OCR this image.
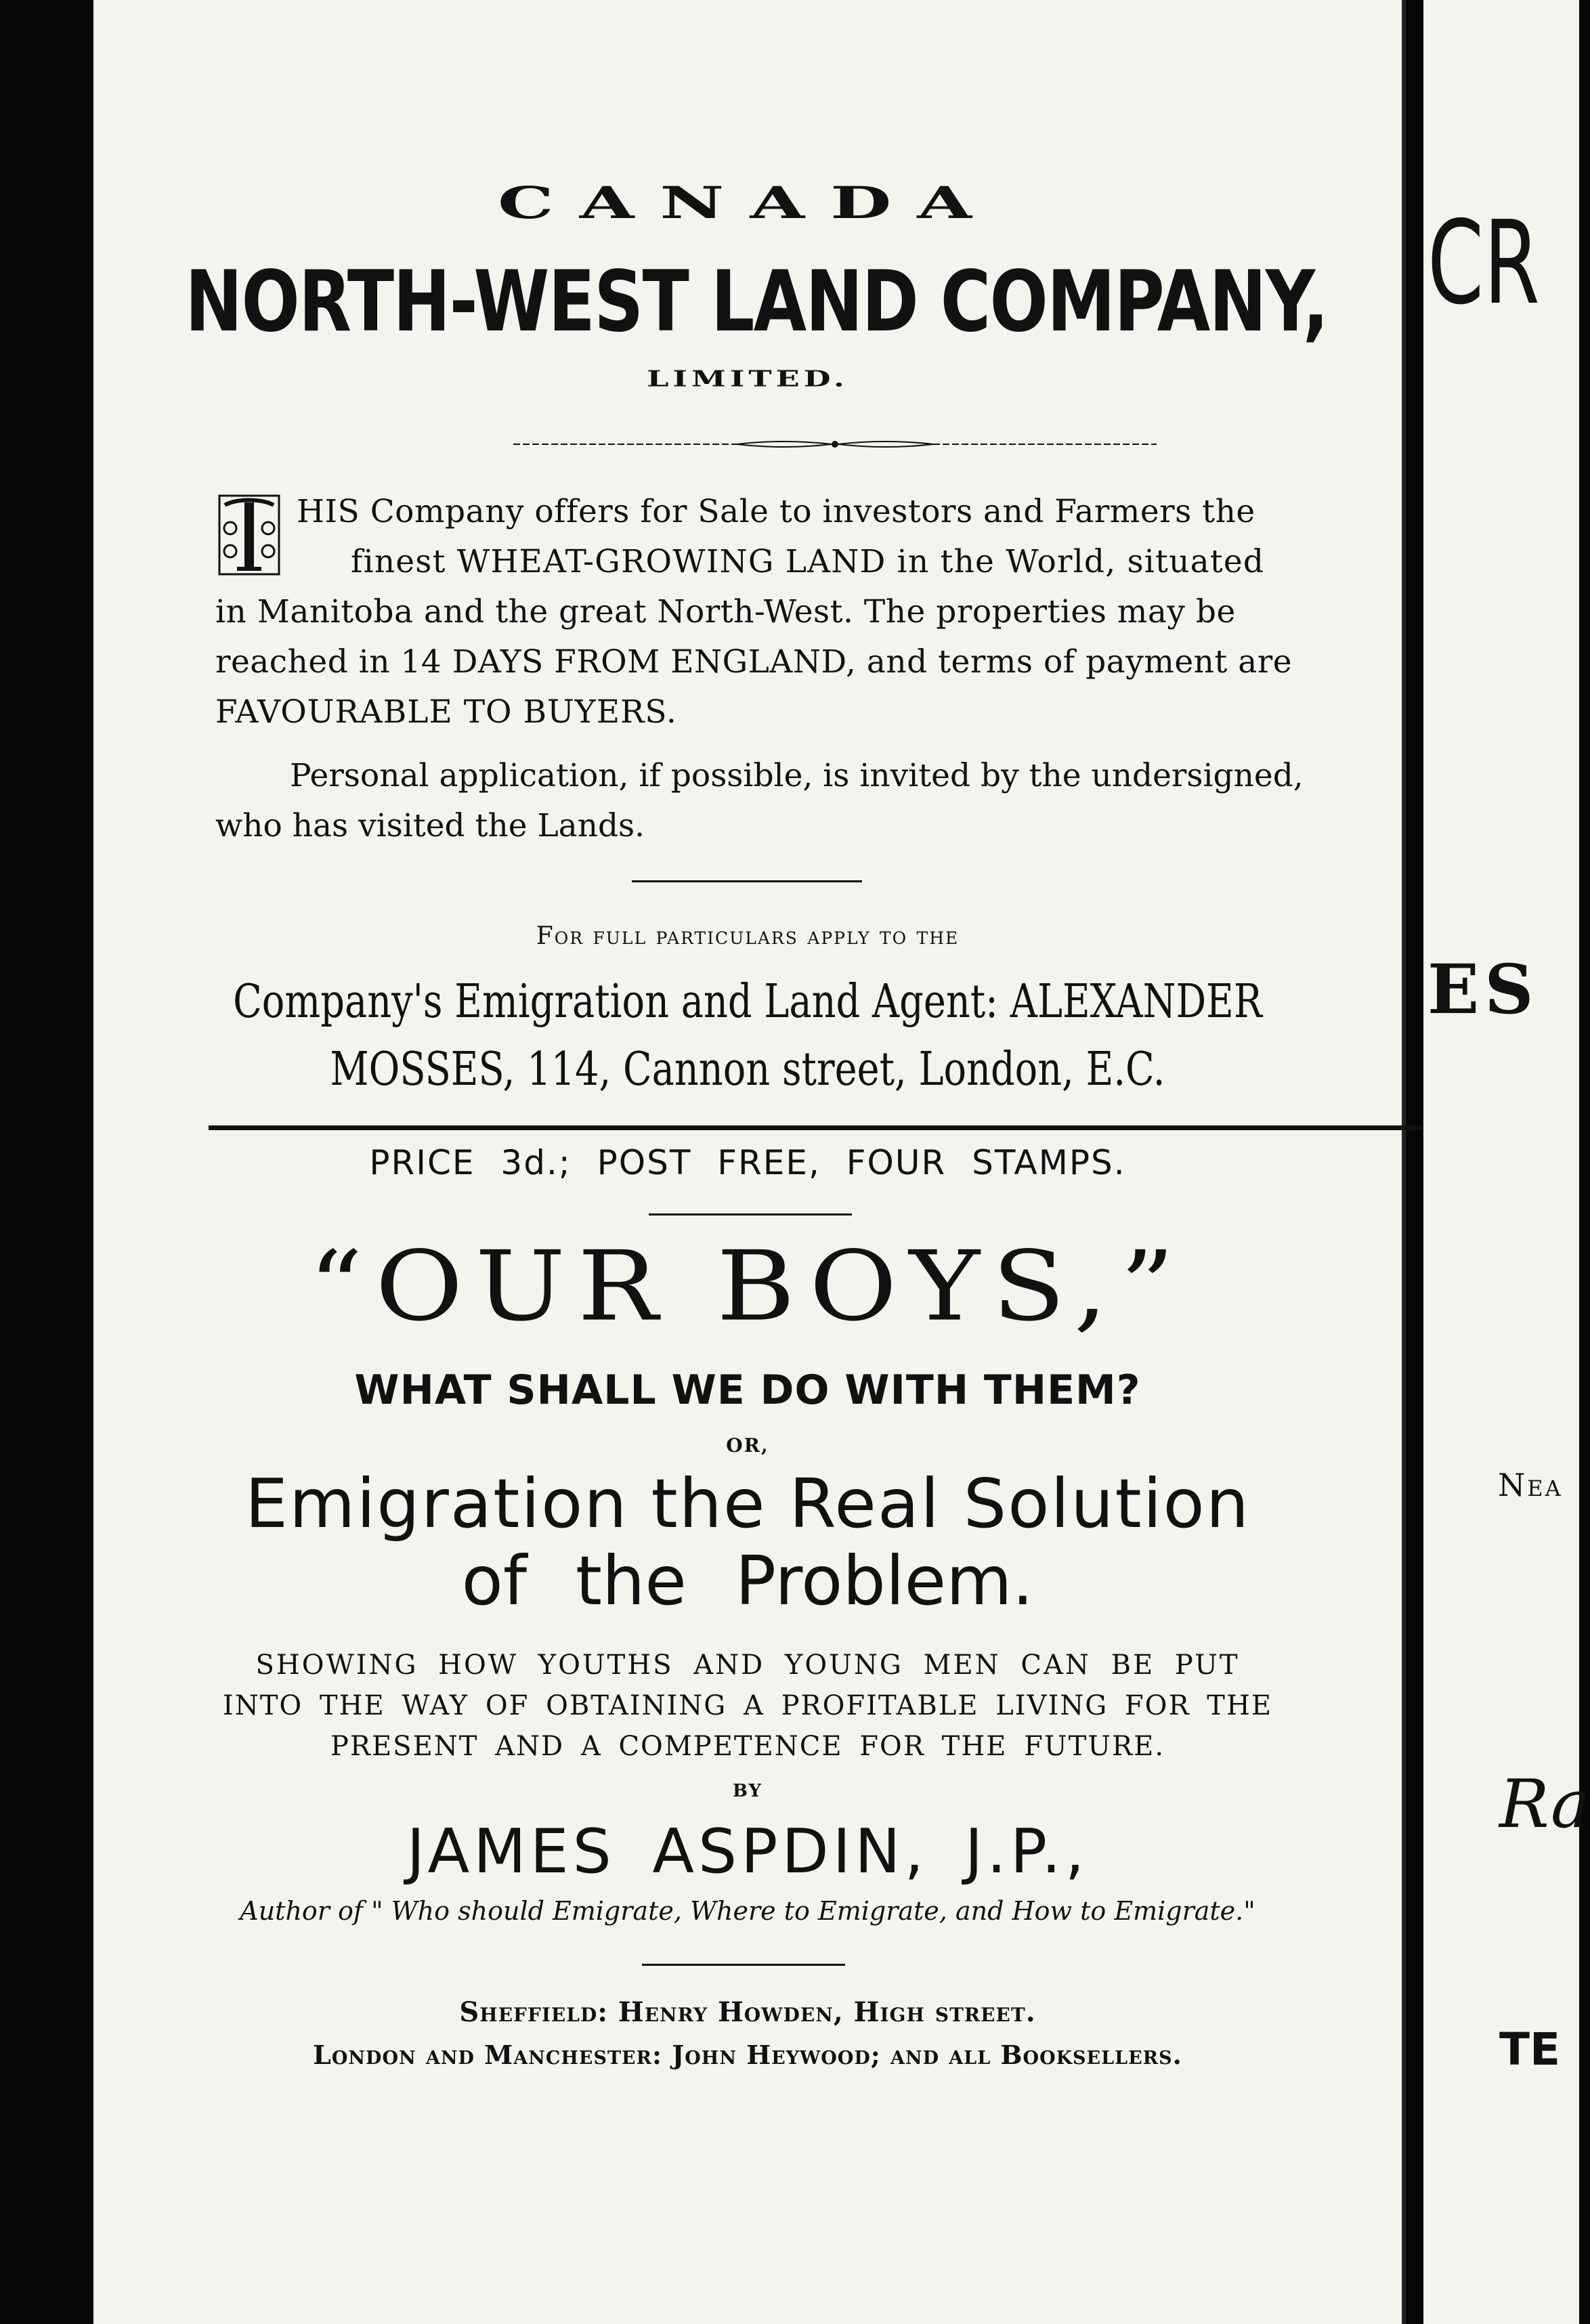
CANADA
NORTH-WEST LAND COMPANY,
LIMITED.
HIS Company offers for Sale to investors and Farmers the
finest WHEAT-GROWING LAND in the World, situated
in Manitoba and the great North-West. The properties may be
reached in 14 DAYS FROM ENGLAND, and terms of payment are
FAVOURABLE TO BUYERS.
Personal application, if possible, is invited by the undersigned,
who has visited the Lands.
For full particulars apply to the
Company's Emigration and Land Agent: ALEXANDER
MOSSES, 114, Cannon street, London, E.C.
PRICE 3d.; POST FREE, FOUR STAMPS.
“OUR BOYS,”
WHAT SHALL WE DO WITH THEM?
OR,
Emigration the Real Solution
of the Problem.
SHOWING HOW YOUTHS AND YOUNG MEN CAN BE PUT
INTO THE WAY OF OBTAINING A PROFITABLE LIVING FOR THE
PRESENT AND A COMPETENCE FOR THE FUTURE.
BY
JAMES ASPDIN, J.P.,
Author of " Who should Emigrate, Where to Emigrate, and How to Emigrate."
Sheffield: Henry Howden, High street.
London and Manchester: John Heywood; and all Booksellers.
CR
ES
Nea
Ra
TE
